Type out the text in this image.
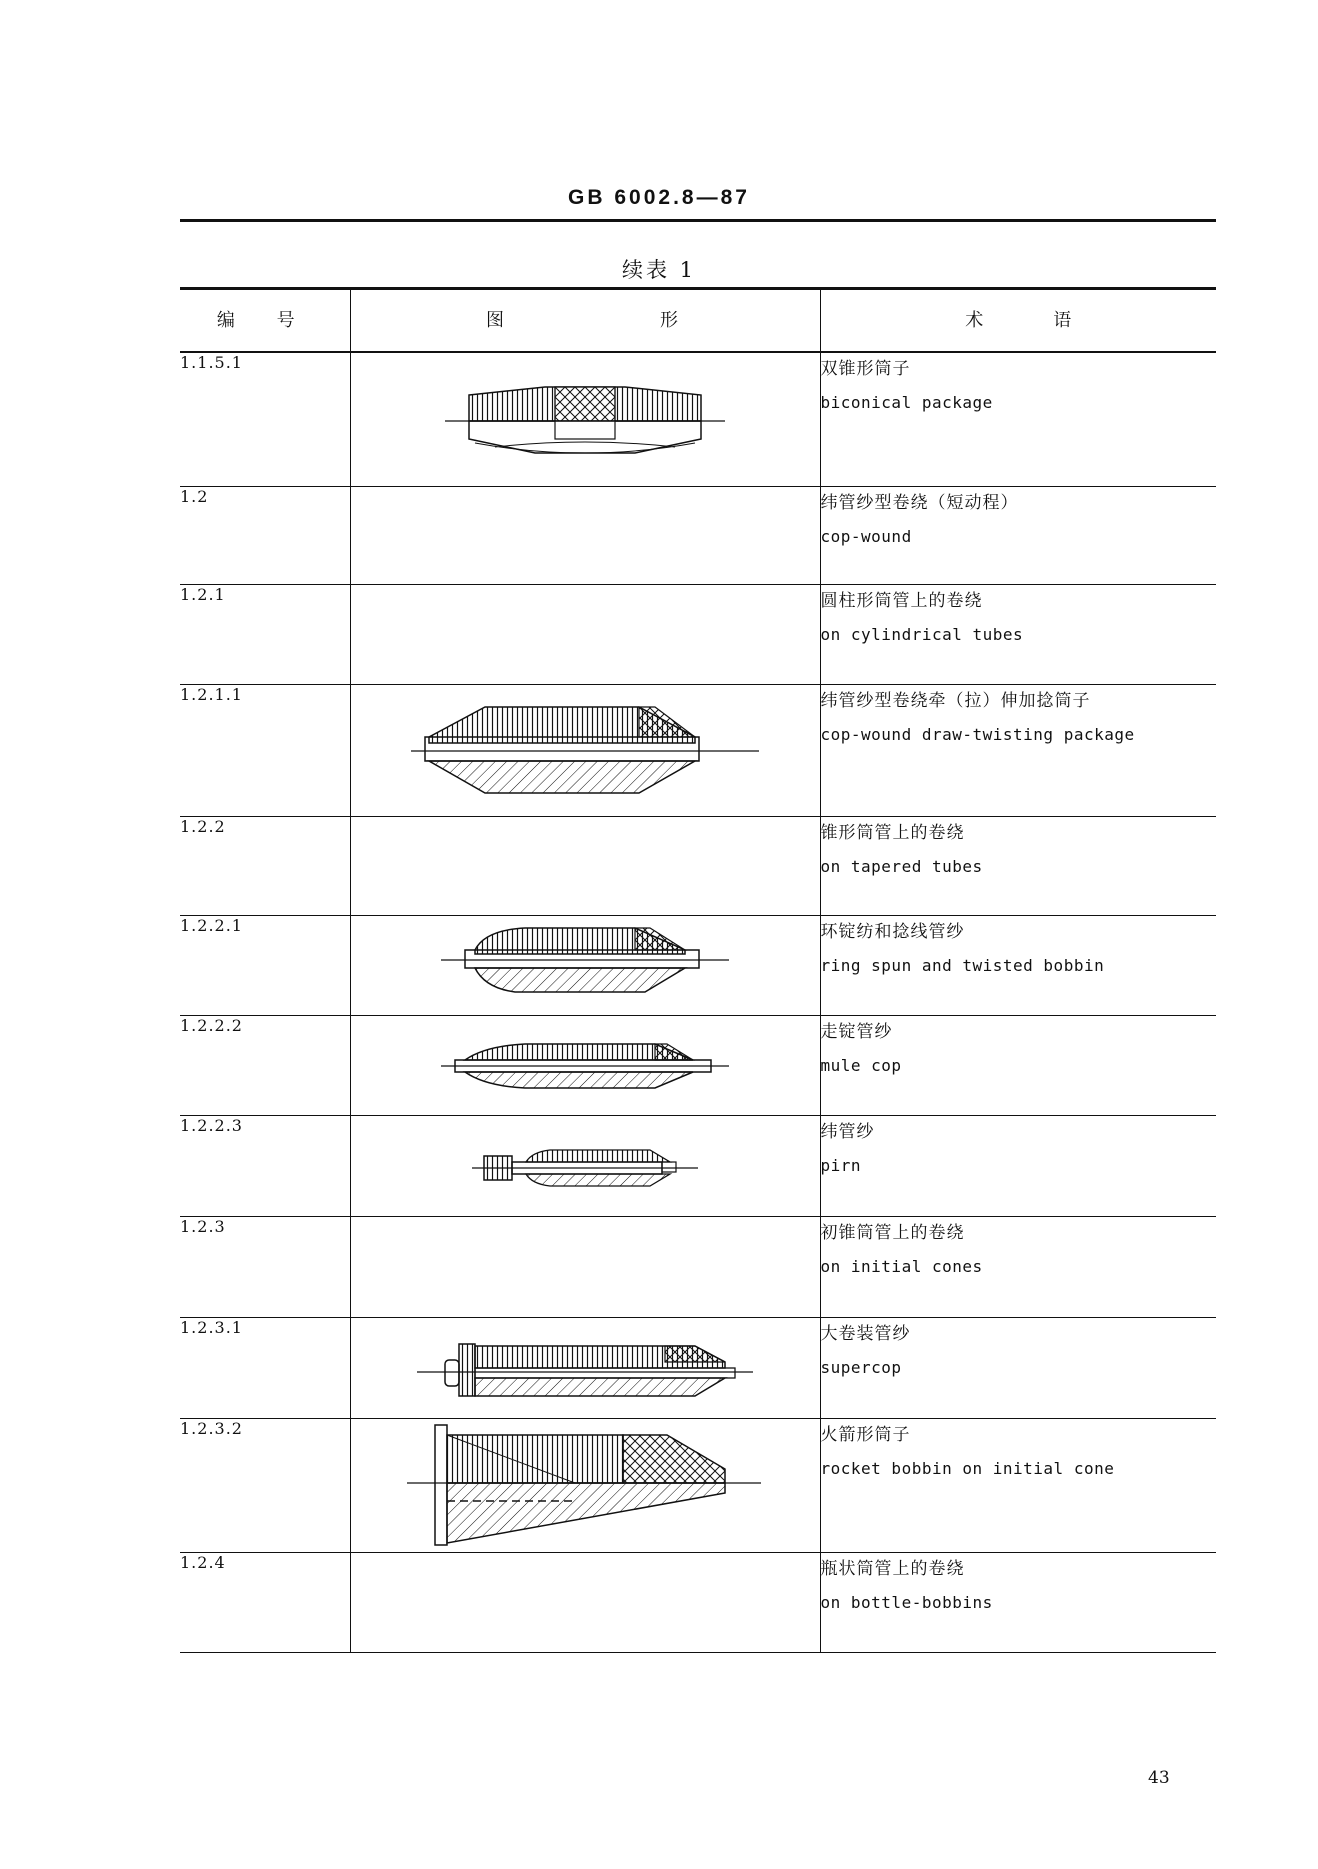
GB 6002.8—87
续表 1
编 号	图 形	术 语
1.1.5.1		双锥形筒子
biconical package

1.2		纬管纱型卷绕（短动程）
cop-wound

1.2.1		圆柱形筒管上的卷绕
on cylindrical tubes

1.2.1.1		纬管纱型卷绕牵（拉）伸加捻筒子
cop-wound draw-twisting package

1.2.2		锥形筒管上的卷绕
on tapered tubes

1.2.2.1		环锭纺和捻线管纱
ring spun and twisted bobbin

1.2.2.2		走锭管纱
mule cop

1.2.2.3		纬管纱
pirn

1.2.3		初锥筒管上的卷绕
on initial cones

1.2.3.1		大卷装管纱
supercop

1.2.3.2		火箭形筒子
rocket bobbin on initial cone

1.2.4		瓶状筒管上的卷绕
on bottle-bobbins
43
